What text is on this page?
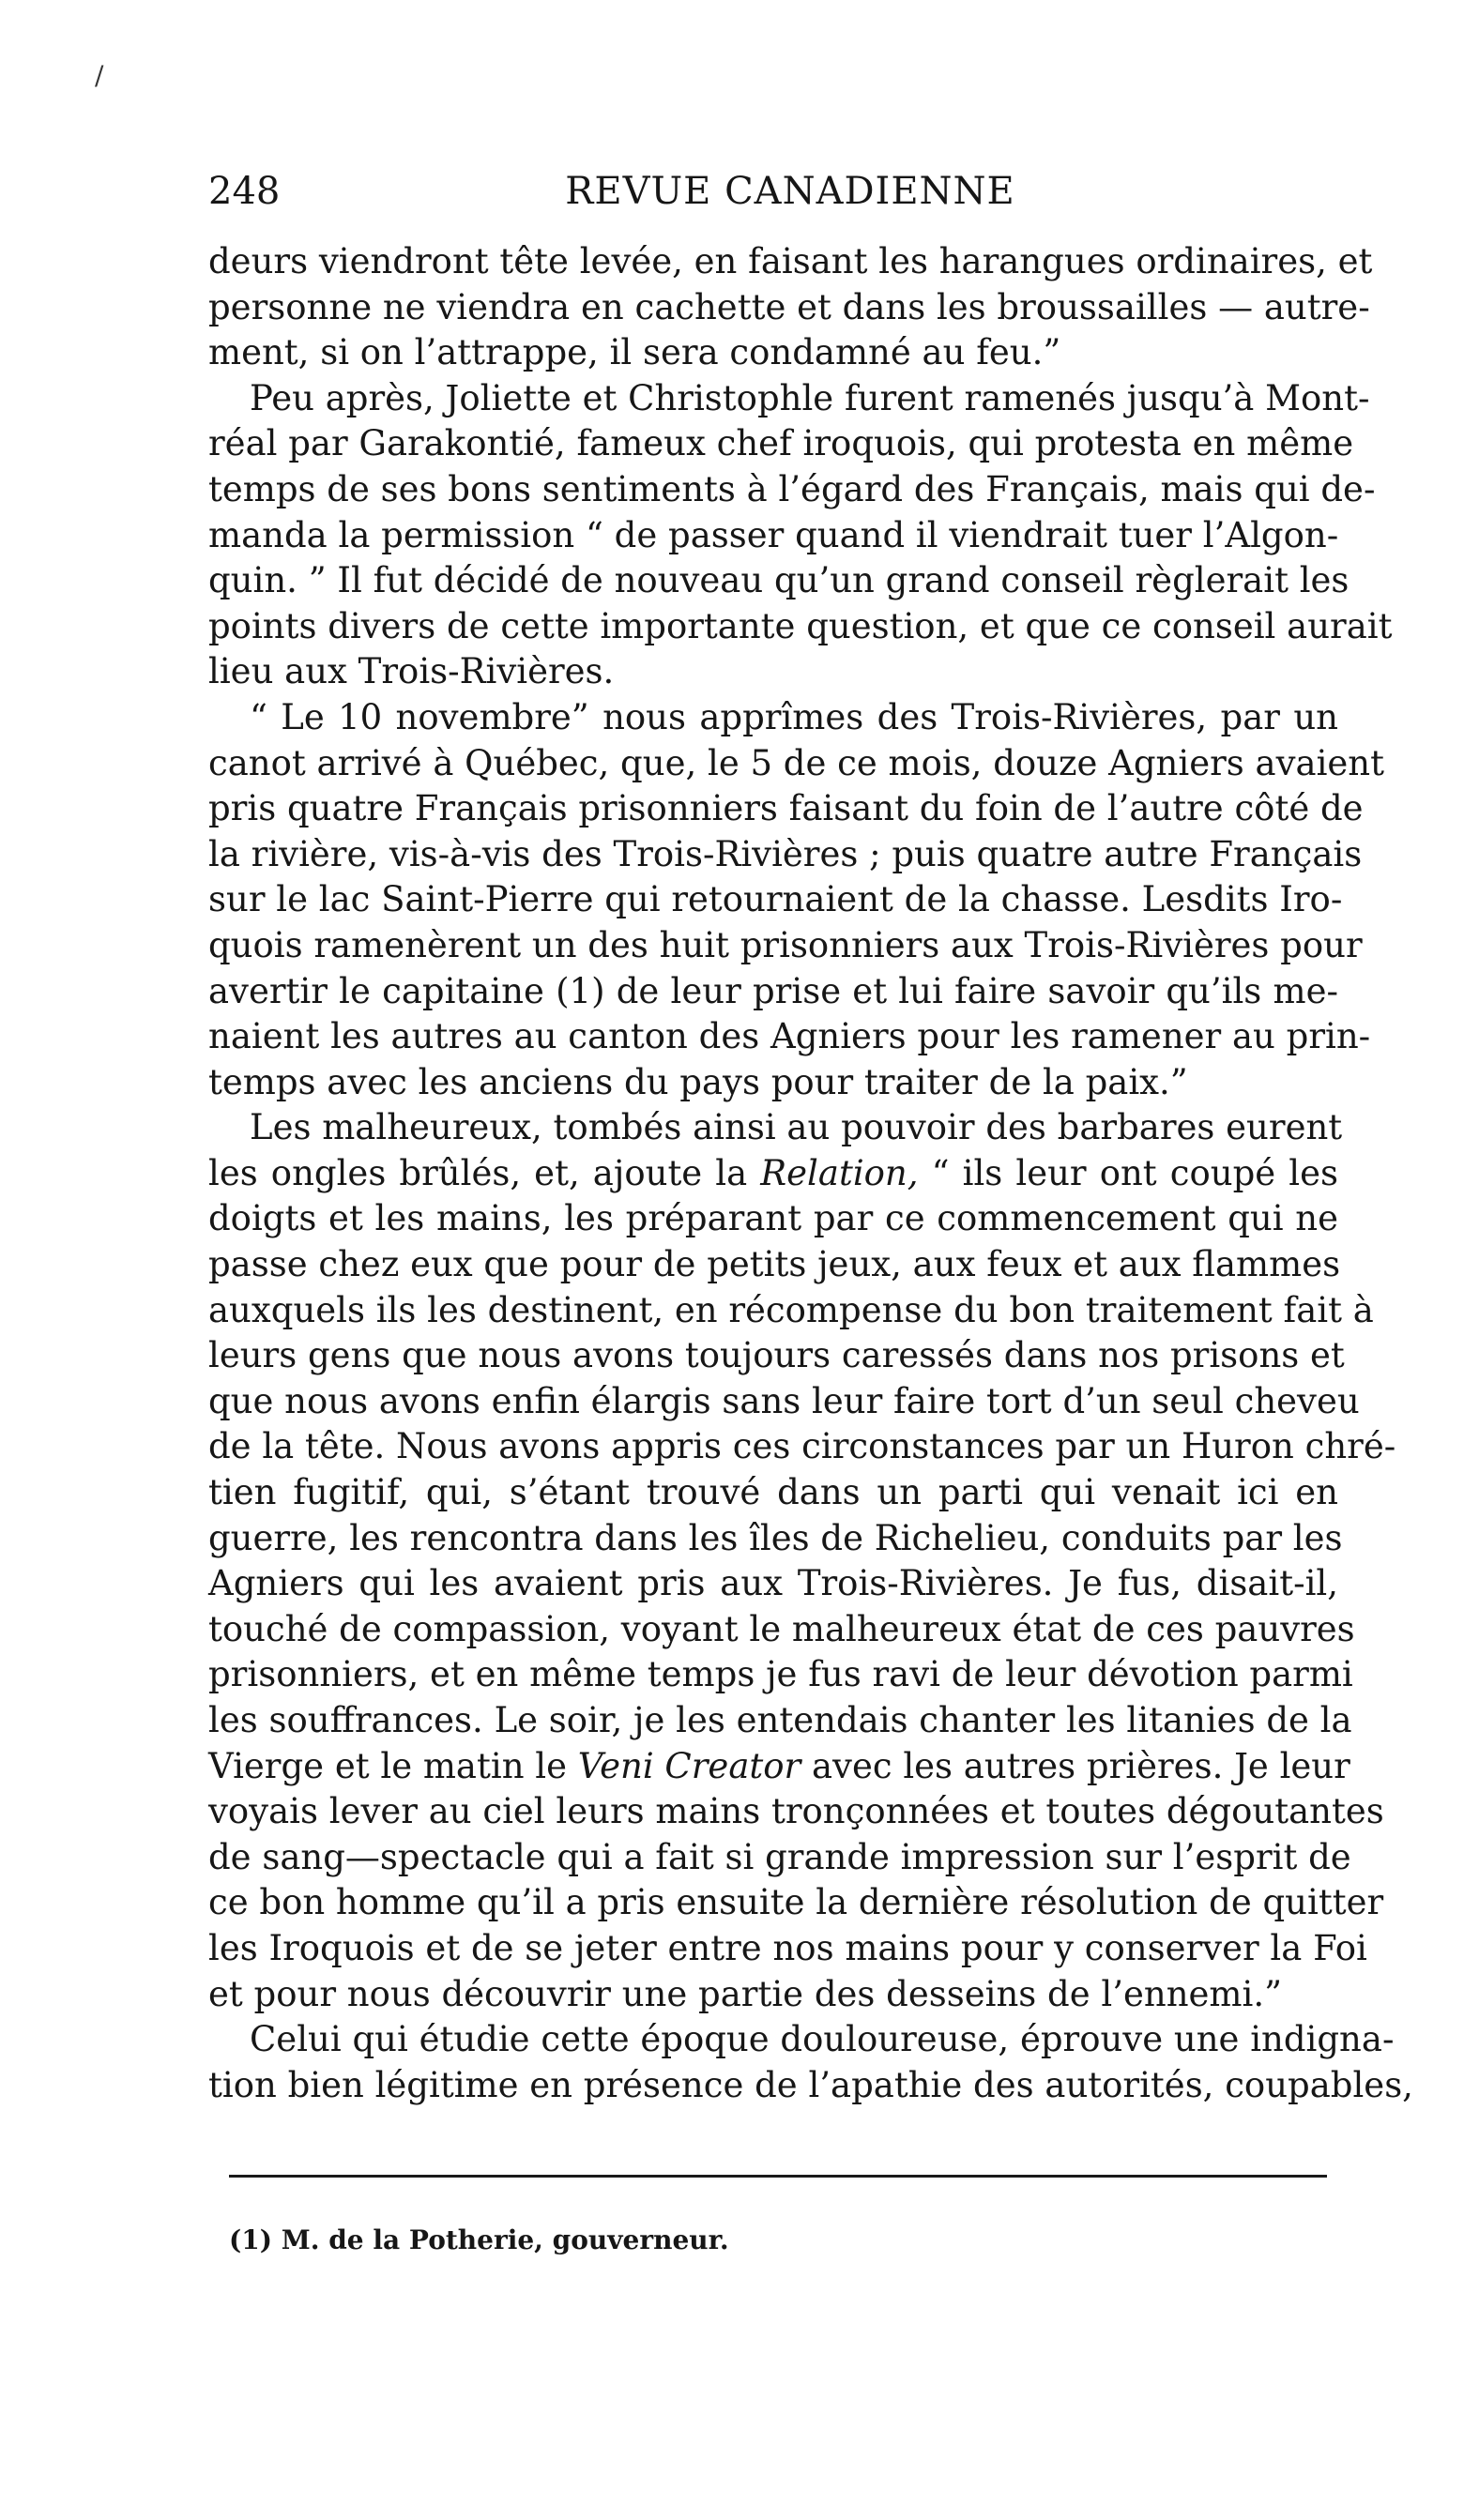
/
248	REVUE CANADIENNE
deurs viendront tête levée, en faisant les harangues ordinaires, et
personne ne viendra en cachette et dans les broussailles — autre-
ment, si on l’attrappe, il sera condamné au feu.”
Peu après, Joliette et Christophle furent ramenés jusqu’à Mont-
réal par Garakontié, fameux chef iroquois, qui protesta en même
temps de ses bons sentiments à l’égard des Français, mais qui de-
manda la permission “ de passer quand il viendrait tuer l’Algon-
quin. ” Il fut décidé de nouveau qu’un grand conseil règlerait les
points divers de cette importante question, et que ce conseil aurait
lieu aux Trois-Rivières.
“ Le 10 novembre” nous apprîmes des Trois-Rivières, par un
canot arrivé à Québec, que, le 5 de ce mois, douze Agniers avaient
pris quatre Français prisonniers faisant du foin de l’autre côté de
la rivière, vis-à-vis des Trois-Rivières ; puis quatre autre Français
sur le lac Saint-Pierre qui retournaient de la chasse. Lesdits Iro-
quois ramenèrent un des huit prisonniers aux Trois-Rivières pour
avertir le capitaine (1) de leur prise et lui faire savoir qu’ils me-
naient les autres au canton des Agniers pour les ramener au prin-
temps avec les anciens du pays pour traiter de la paix.”
Les malheureux, tombés ainsi au pouvoir des barbares eurent
les ongles brûlés, et, ajoute la Relation, “ ils leur ont coupé les
doigts et les mains, les préparant par ce commencement qui ne
passe chez eux que pour de petits jeux, aux feux et aux flammes
auxquels ils les destinent, en récompense du bon traitement fait à
leurs gens que nous avons toujours caressés dans nos prisons et
que nous avons enfin élargis sans leur faire tort d’un seul cheveu
de la tête. Nous avons appris ces circonstances par un Huron chré-
tien fugitif, qui, s’étant trouvé dans un parti qui venait ici en
guerre, les rencontra dans les îles de Richelieu, conduits par les
Agniers qui les avaient pris aux Trois-Rivières. Je fus, disait-il,
touché de compassion, voyant le malheureux état de ces pauvres
prisonniers, et en même temps je fus ravi de leur dévotion parmi
les souffrances. Le soir, je les entendais chanter les litanies de la
Vierge et le matin le Veni Creator avec les autres prières. Je leur
voyais lever au ciel leurs mains tronçonnées et toutes dégoutantes
de sang—spectacle qui a fait si grande impression sur l’esprit de
ce bon homme qu’il a pris ensuite la dernière résolution de quitter
les Iroquois et de se jeter entre nos mains pour y conserver la Foi
et pour nous découvrir une partie des desseins de l’ennemi.”
Celui qui étudie cette époque douloureuse, éprouve une indigna-
tion bien légitime en présence de l’apathie des autorités, coupables,
(1) M. de la Potherie, gouverneur.
